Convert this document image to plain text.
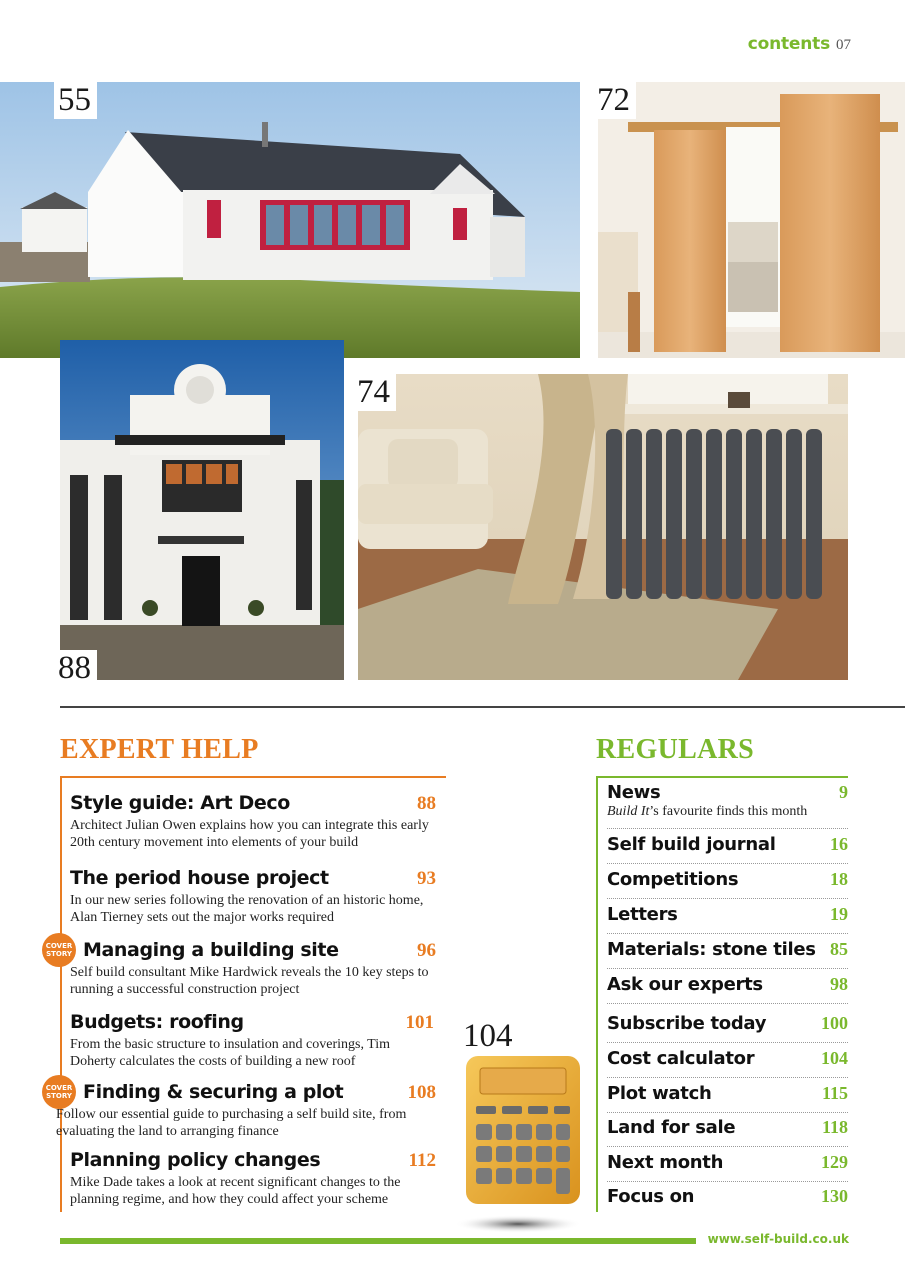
contents 07
55	72
88
74
EXPERT HELP
Style guide: Art Deco	88

Architect Julian Owen explains how you can integrate this early 20th century movement into elements of your build

The period house project	93

In our new series following the renovation of an historic home, Alan Tierney sets out the major works required

COVER
STORY Managing a building site	96

Self build consultant Mike Hardwick reveals the 10 key steps to running a successful construction project

Budgets: roofing	101

From the basic structure to insulation and coverings, Tim Doherty calculates the costs of building a new roof

COVER
STORY Finding & securing a plot	108

Follow our essential guide to purchasing a self build site, from evaluating the land to arranging finance

Planning policy changes	112

Mike Dade takes a look at recent significant changes to the planning regime, and how they could affect your scheme

104
REGULARS
News	9

Build It’s favourite finds this month

Self build journal	16
Competitions	18
Letters	19
Materials: stone tiles 85
Ask our experts	98
Subscribe today	100
Cost calculator	104
Plot watch	115
Land for sale	118
Next month	129
Focus on	130
www.self-build.co.uk
